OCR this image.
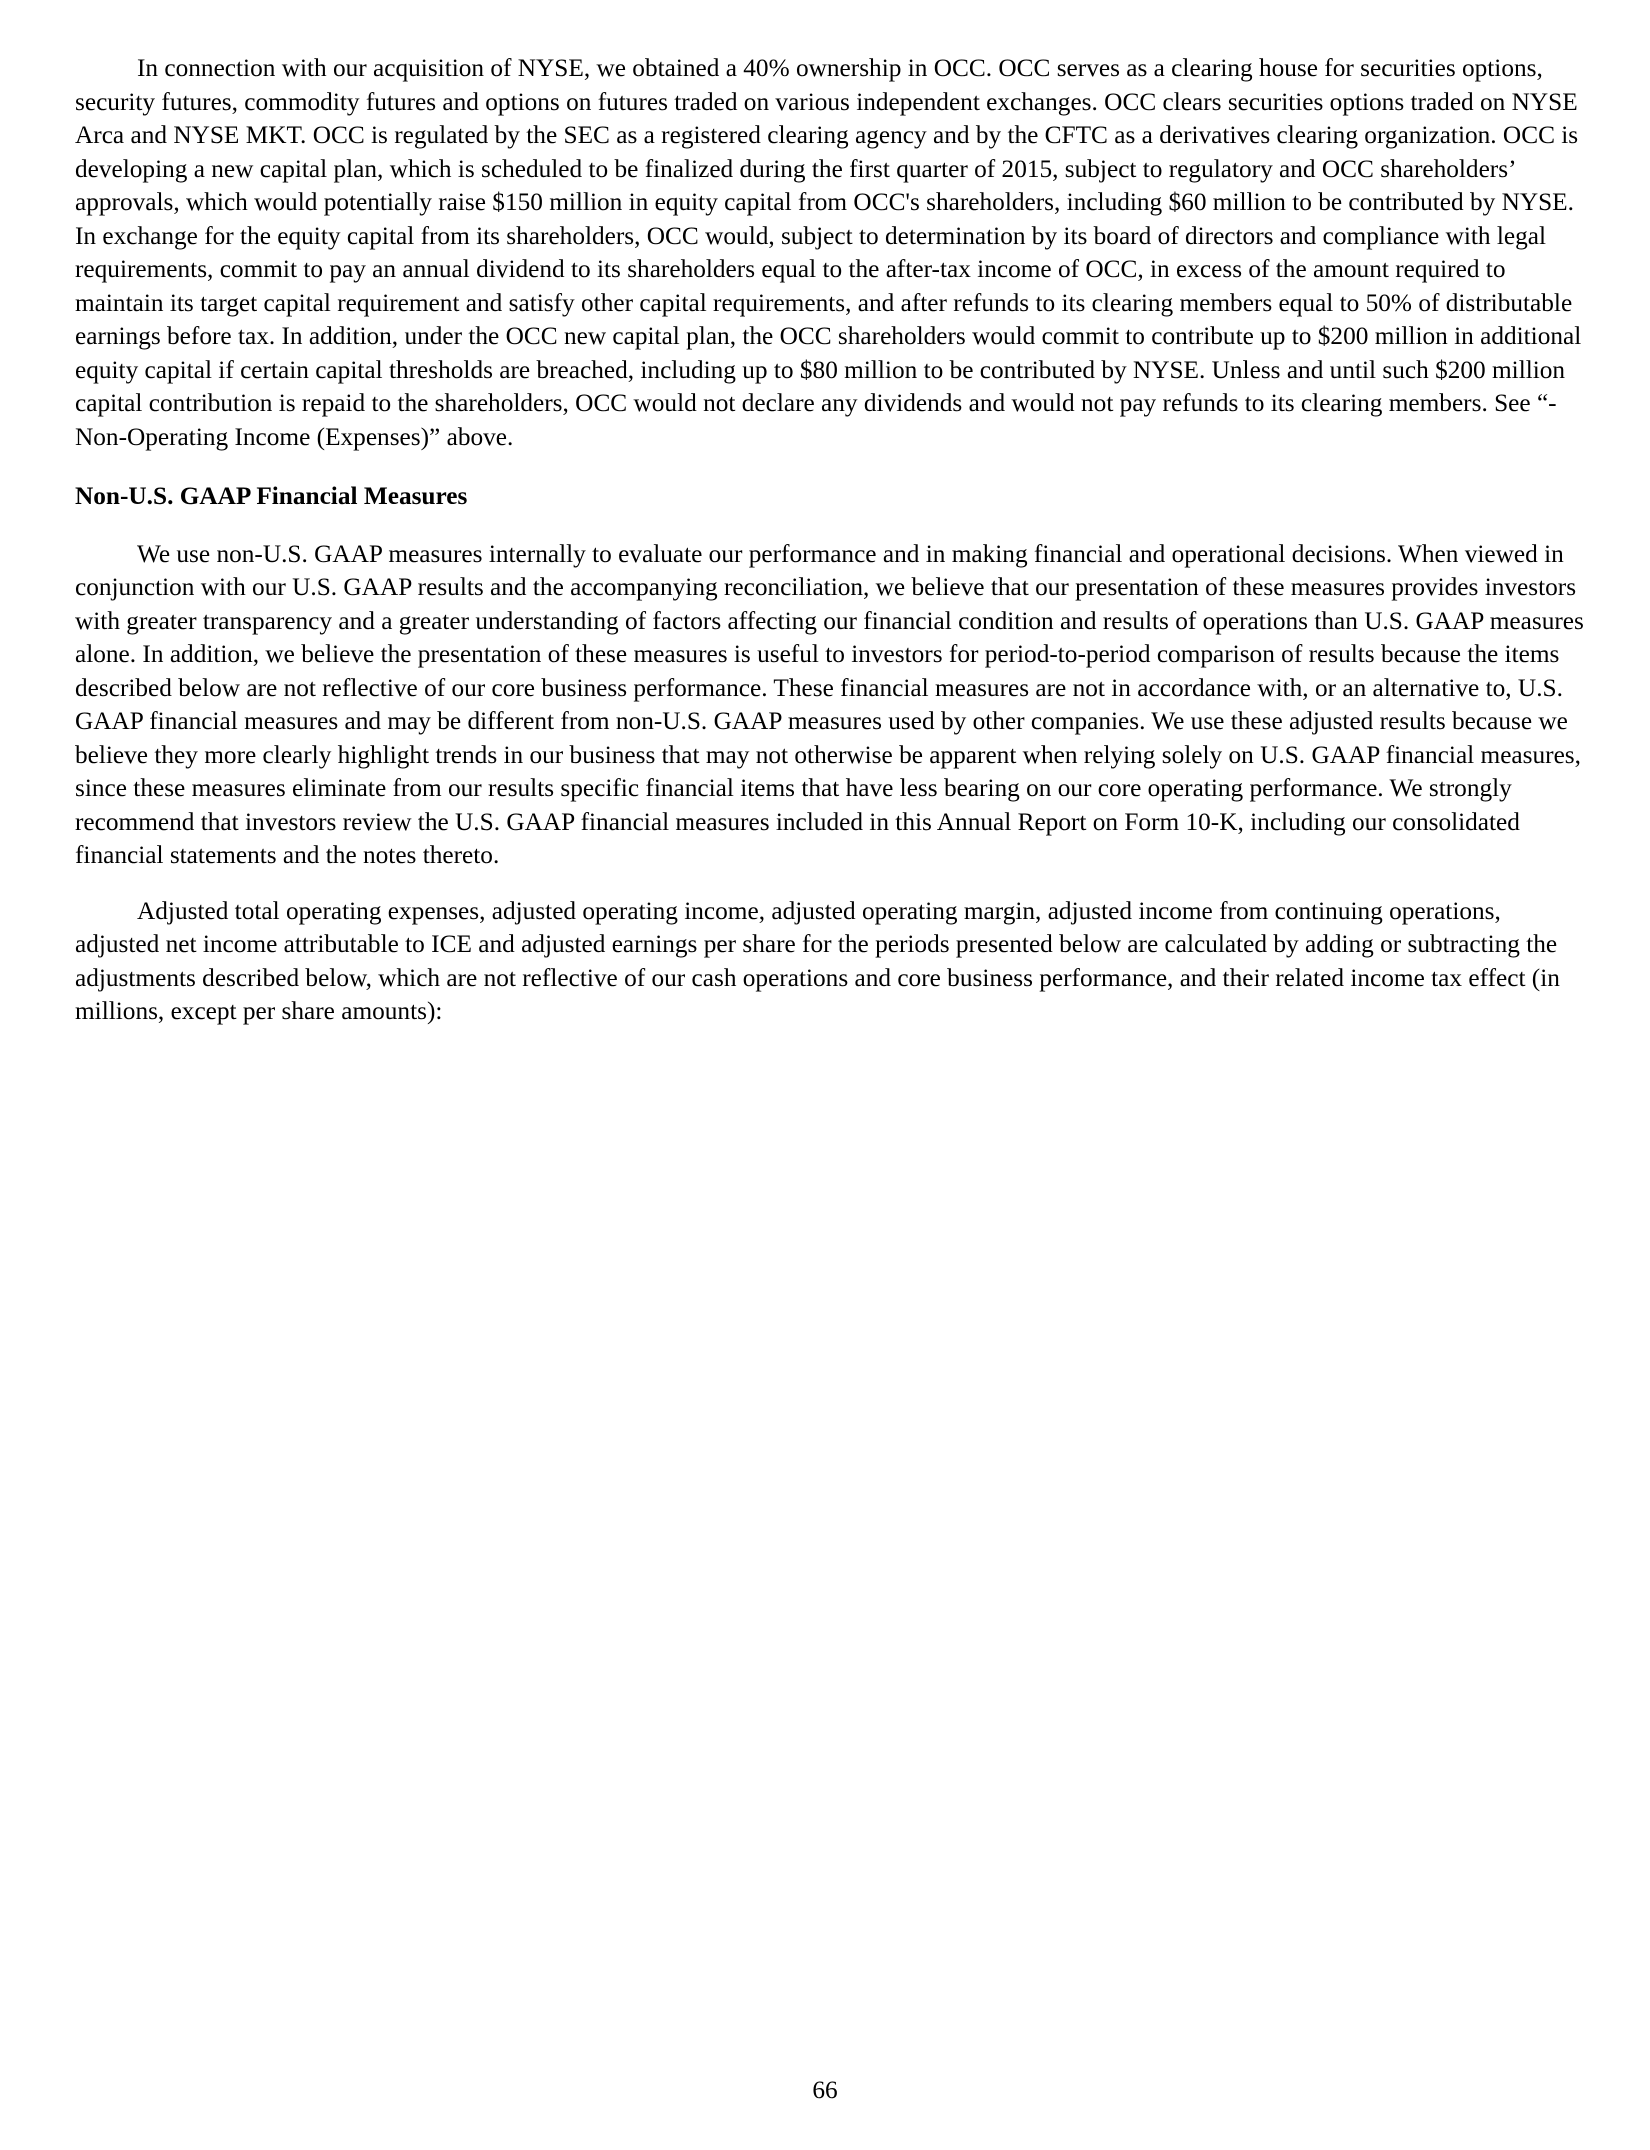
In connection with our acquisition of NYSE, we obtained a 40% ownership in OCC. OCC serves as a clearing house for securities options, security futures, commodity futures and options on futures traded on various independent exchanges. OCC clears securities options traded on NYSE Arca and NYSE MKT. OCC is regulated by the SEC as a registered clearing agency and by the CFTC as a derivatives clearing organization. OCC is developing a new capital plan, which is scheduled to be finalized during the first quarter of 2015, subject to regulatory and OCC shareholders’ approvals, which would potentially raise $150 million in equity capital from OCC's shareholders, including $60 million to be contributed by NYSE. In exchange for the equity capital from its shareholders, OCC would, subject to determination by its board of directors and compliance with legal requirements, commit to pay an annual dividend to its shareholders equal to the after-tax income of OCC, in excess of the amount required to maintain its target capital requirement and satisfy other capital requirements, and after refunds to its clearing members equal to 50% of distributable earnings before tax. In addition, under the OCC new capital plan, the OCC shareholders would commit to contribute up to $200 million in additional equity capital if certain capital thresholds are breached, including up to $80 million to be contributed by NYSE. Unless and until such $200 million capital contribution is repaid to the shareholders, OCC would not declare any dividends and would not pay refunds to its clearing members. See “- Non-Operating Income (Expenses)” above.

Non-U.S. GAAP Financial Measures

We use non-U.S. GAAP measures internally to evaluate our performance and in making financial and operational decisions. When viewed in conjunction with our U.S. GAAP results and the accompanying reconciliation, we believe that our presentation of these measures provides investors with greater transparency and a greater understanding of factors affecting our financial condition and results of operations than U.S. GAAP measures alone. In addition, we believe the presentation of these measures is useful to investors for period-to-period comparison of results because the items described below are not reflective of our core business performance. These financial measures are not in accordance with, or an alternative to, U.S. GAAP financial measures and may be different from non-U.S. GAAP measures used by other companies. We use these adjusted results because we believe they more clearly highlight trends in our business that may not otherwise be apparent when relying solely on U.S. GAAP financial measures, since these measures eliminate from our results specific financial items that have less bearing on our core operating performance. We strongly recommend that investors review the U.S. GAAP financial measures included in this Annual Report on Form 10-K, including our consolidated financial statements and the notes thereto.

Adjusted total operating expenses, adjusted operating income, adjusted operating margin, adjusted income from continuing operations, adjusted net income attributable to ICE and adjusted earnings per share for the periods presented below are calculated by adding or subtracting the adjustments described below, which are not reflective of our cash operations and core business performance, and their related income tax effect (in millions, except per share amounts):

66
